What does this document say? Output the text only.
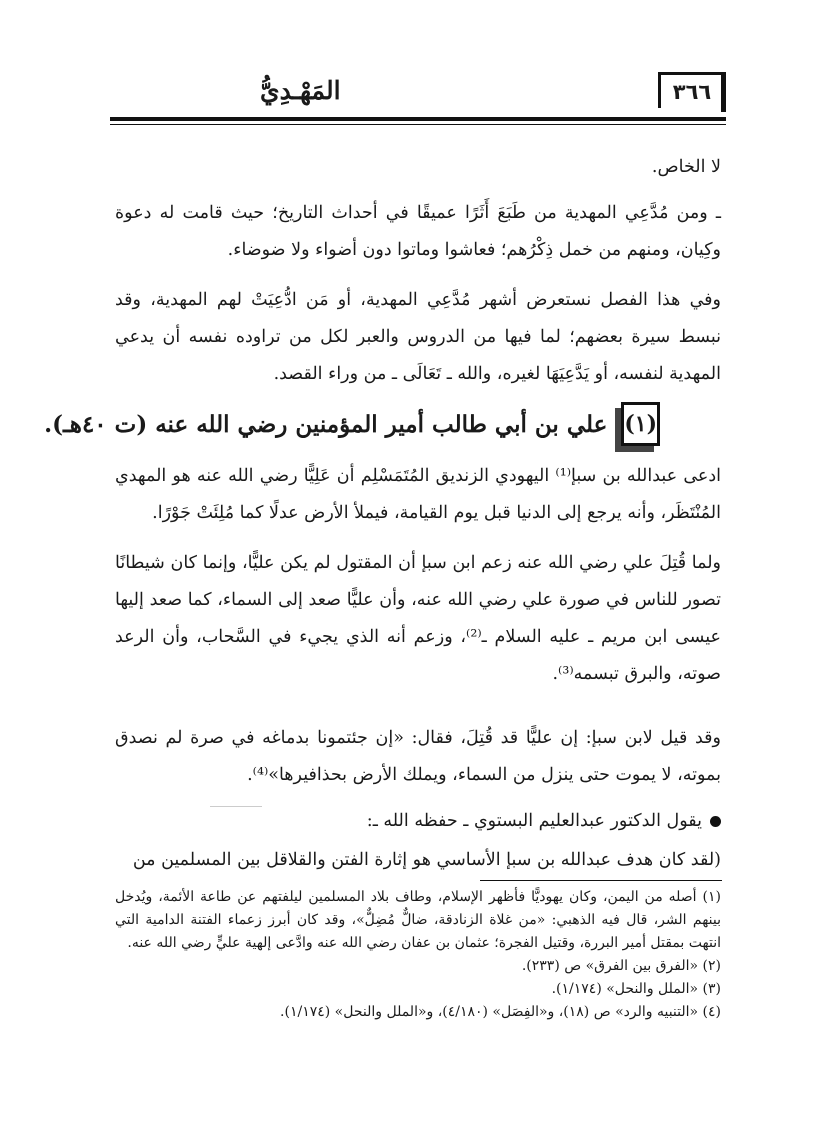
٣٦٦
المَهْـدِيُّ

لا الخاص.

ـ ومن مُدَّعِي المهدية من طَبَعَ أَثَرًا عميقًا في أحداث التاريخ؛ حيث قامت له دعوة وكِيان، ومنهم من خمل ذِكْرُهم؛ فعاشوا وماتوا دون أضواء ولا ضوضاء.

وفي هذا الفصل نستعرض أشهر مُدَّعِي المهدية، أو مَن ادُّعِيَتْ لهم المهدية، وقد نبسط سيرة بعضهم؛ لما فيها من الدروس والعبر لكل من تراوده نفسه أن يدعي المهدية لنفسه، أو يَدَّعِيَهَا لغيره، والله ـ تَعَالَى ـ من وراء القصد.

(١)
علي بن أبي طالب أمير المؤمنين رضي الله عنه (ت ٤٠هـ).

ادعى عبدالله بن سبإ⁽¹⁾ اليهودي الزنديق المُتَمَسْلِم أن عَلِيًّا رضي الله عنه هو المهدي المُنْتَظَر، وأنه يرجع إلى الدنيا قبل يوم القيامة، فيملأ الأرض عدلًا كما مُلِئَتْ جَوْرًا.

ولما قُتِلَ علي رضي الله عنه زعم ابن سبإ أن المقتول لم يكن عليًّا، وإنما كان شيطانًا تصور للناس في صورة علي رضي الله عنه، وأن عليًّا صعد إلى السماء، كما صعد إليها عيسى ابن مريم ـ عليه السلام ـ⁽²⁾، وزعم أنه الذي يجيء في السَّحاب، وأن الرعد صوته، والبرق تبسمه⁽³⁾.

وقد قيل لابن سبإ: إن عليًّا قد قُتِلَ، فقال: «إن جئتمونا بدماغه في صرة لم نصدق بموته، لا يموت حتى ينزل من السماء، ويملك الأرض بحذافيرها»⁽⁴⁾.

يقول الدكتور عبدالعليم البستوي ـ حفظه الله ـ:

(لقد كان هدف عبدالله بن سبإ الأساسي هو إثارة الفتن والقلاقل بين المسلمين من

(١) أصله من اليمن، وكان يهوديًّا فأظهر الإسلام، وطاف بلاد المسلمين ليلفتهم عن طاعة الأئمة، ويُدخل بينهم الشر، قال فيه الذهبي: «من غلاة الزنادقة، ضالٌّ مُضِلٌّ»، وقد كان أبرز زعماء الفتنة الدامية التي انتهت بمقتل أمير البررة، وقتيل الفجرة؛ عثمان بن عفان رضي الله عنه وادَّعى إلهية عليٍّ رضي الله عنه.

(٢) «الفرق بين الفرق» ص (٢٣٣).

(٣) «الملل والنحل» (١/١٧٤).

(٤) «التنبيه والرد» ص (١٨)، و«الفِصَل» (٤/١٨٠)، و«الملل والنحل» (١/١٧٤).
